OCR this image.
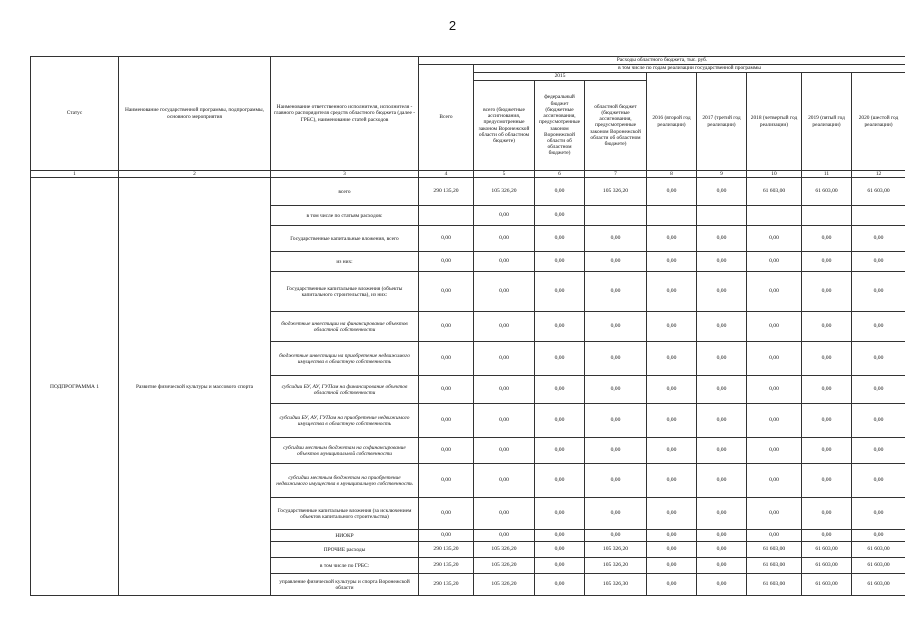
2
Статус	Наименование государственной программы, подпрограммы, основного мероприятия	Наименование ответственного исполнителя, исполнителя - главного распорядителя средств областного бюджета (далее - ГРБС), наименование статей расходов	Расходы областного бюджета, тыс. руб.								
			Всего	в том числе по годам реализации государственной программы							
				2015			2016 (второй год реализации)	2017 (третий год реализации)	2018 (четвертый год реализации)	2019 (пятый год реализации)	2020 (шестой год реализации)
				всего (бюджетные ассигнования, предусмотренные законом Воронежской области об областном бюджете)	федеральный бюджет (бюджетные ассигнования, предусмотренные законом Воронежской области об областном бюджете)	областной бюджет (бюджетные ассигнования, предусмотренные законом Воронежской области об областном бюджете)					
1	2	3	4	5	6	7	8	9	10	11	12
ПОДПРОГРАММА 1	Развитие физической культуры и массового спорта	всего	290 135,20	105 326,20	0,00	105 326,20	0,00	0,00	61 603,00	61 603,00	61 603,00
		в том числе по статьям расходов:		0,00	0,00						
		Государственные капитальные вложения, всего	0,00	0,00	0,00	0,00	0,00	0,00	0,00	0,00	0,00
		из них:	0,00	0,00	0,00	0,00	0,00	0,00	0,00	0,00	0,00
		Государственные капитальные вложения (объекты капитального строительства), из них:	0,00	0,00	0,00	0,00	0,00	0,00	0,00	0,00	0,00
		бюджетные инвестиции на финансирование объектов областной собственности	0,00	0,00	0,00	0,00	0,00	0,00	0,00	0,00	0,00
		бюджетные инвестиции на приобретение недвижимого имущества в областную собственность	0,00	0,00	0,00	0,00	0,00	0,00	0,00	0,00	0,00
		субсидии БУ, АУ, ГУПам на финансирование объектов областной собственности	0,00	0,00	0,00	0,00	0,00	0,00	0,00	0,00	0,00
		субсидии БУ, АУ, ГУПам на приобретение недвижимого имущества в областную собственность	0,00	0,00	0,00	0,00	0,00	0,00	0,00	0,00	0,00
		субсидии местным бюджетам на софинансирование объектов муниципальной собственности	0,00	0,00	0,00	0,00	0,00	0,00	0,00	0,00	0,00
		субсидии местным бюджетам на приобретение недвижимого имущества в муниципальную собственность	0,00	0,00	0,00	0,00	0,00	0,00	0,00	0,00	0,00
		Государственные капитальные вложения (за исключением объектов капитального строительства)	0,00	0,00	0,00	0,00	0,00	0,00	0,00	0,00	0,00
		НИОКР	0,00	0,00	0,00	0,00	0,00	0,00	0,00	0,00	0,00
		ПРОЧИЕ расходы	290 135,20	105 326,20	0,00	105 326,20	0,00	0,00	61 603,00	61 603,00	61 603,00
		в том числе по ГРБС:	290 135,20	105 326,20	0,00	105 326,20	0,00	0,00	61 603,00	61 603,00	61 603,00
		управление физической культуры и спорта Воронежской области	290 135,20	105 326,20	0,00	105 326,30	0,00	0,00	61 603,00	61 603,00	61 603,00
